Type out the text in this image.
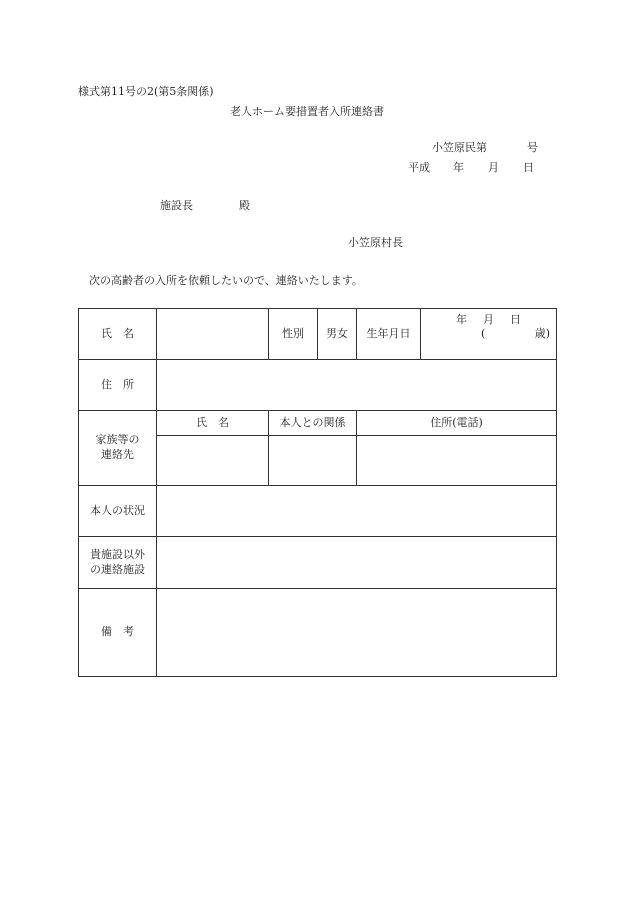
様式第11号の2(第5条関係)
老人ホーム要措置者入所連絡書
小笠原民第	号
平成 年 月 日
施設長	殿
小笠原村長
次の高齢者の入所を依頼したいので、連絡いたします。
氏　名		性別	男女	生年月日	年 月 日
( 歳)

住　所					
家族等の
連絡先	氏　名	本人との関係		住所(電話)	

本人の状況					
貴施設以外
の連絡施設					
備　考					
